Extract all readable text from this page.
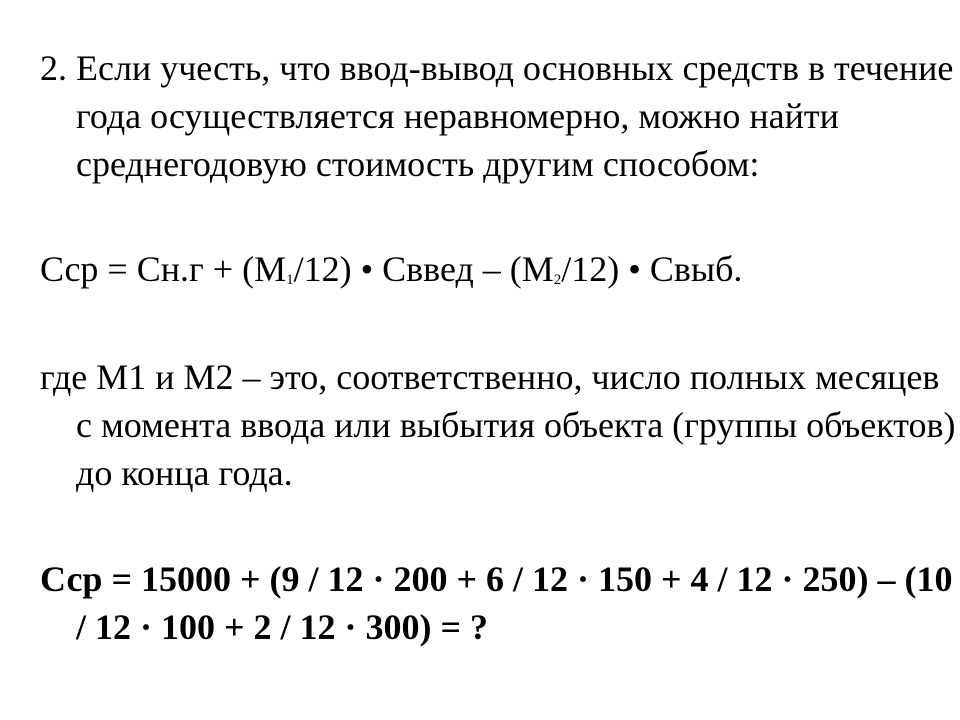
2. Если учесть, что ввод-вывод основных средств в течение года осуществляется неравномерно, можно найти среднегодовую стоимость другим способом:

Сср = $Сн.г + (М_1/12)$ • Сввед – $(М_2/12)$ • Свыб.

где М1 и М2 – это, соответственно, число полных месяцев с момента ввода или выбытия объекта (группы объектов) до конца года.

Сср = 15000 + (9 / 12 · 200 + 6 / 12 · 150 + 4 / 12 · 250) – (10 / 12 · 100 + 2 / 12 · 300) = ?
